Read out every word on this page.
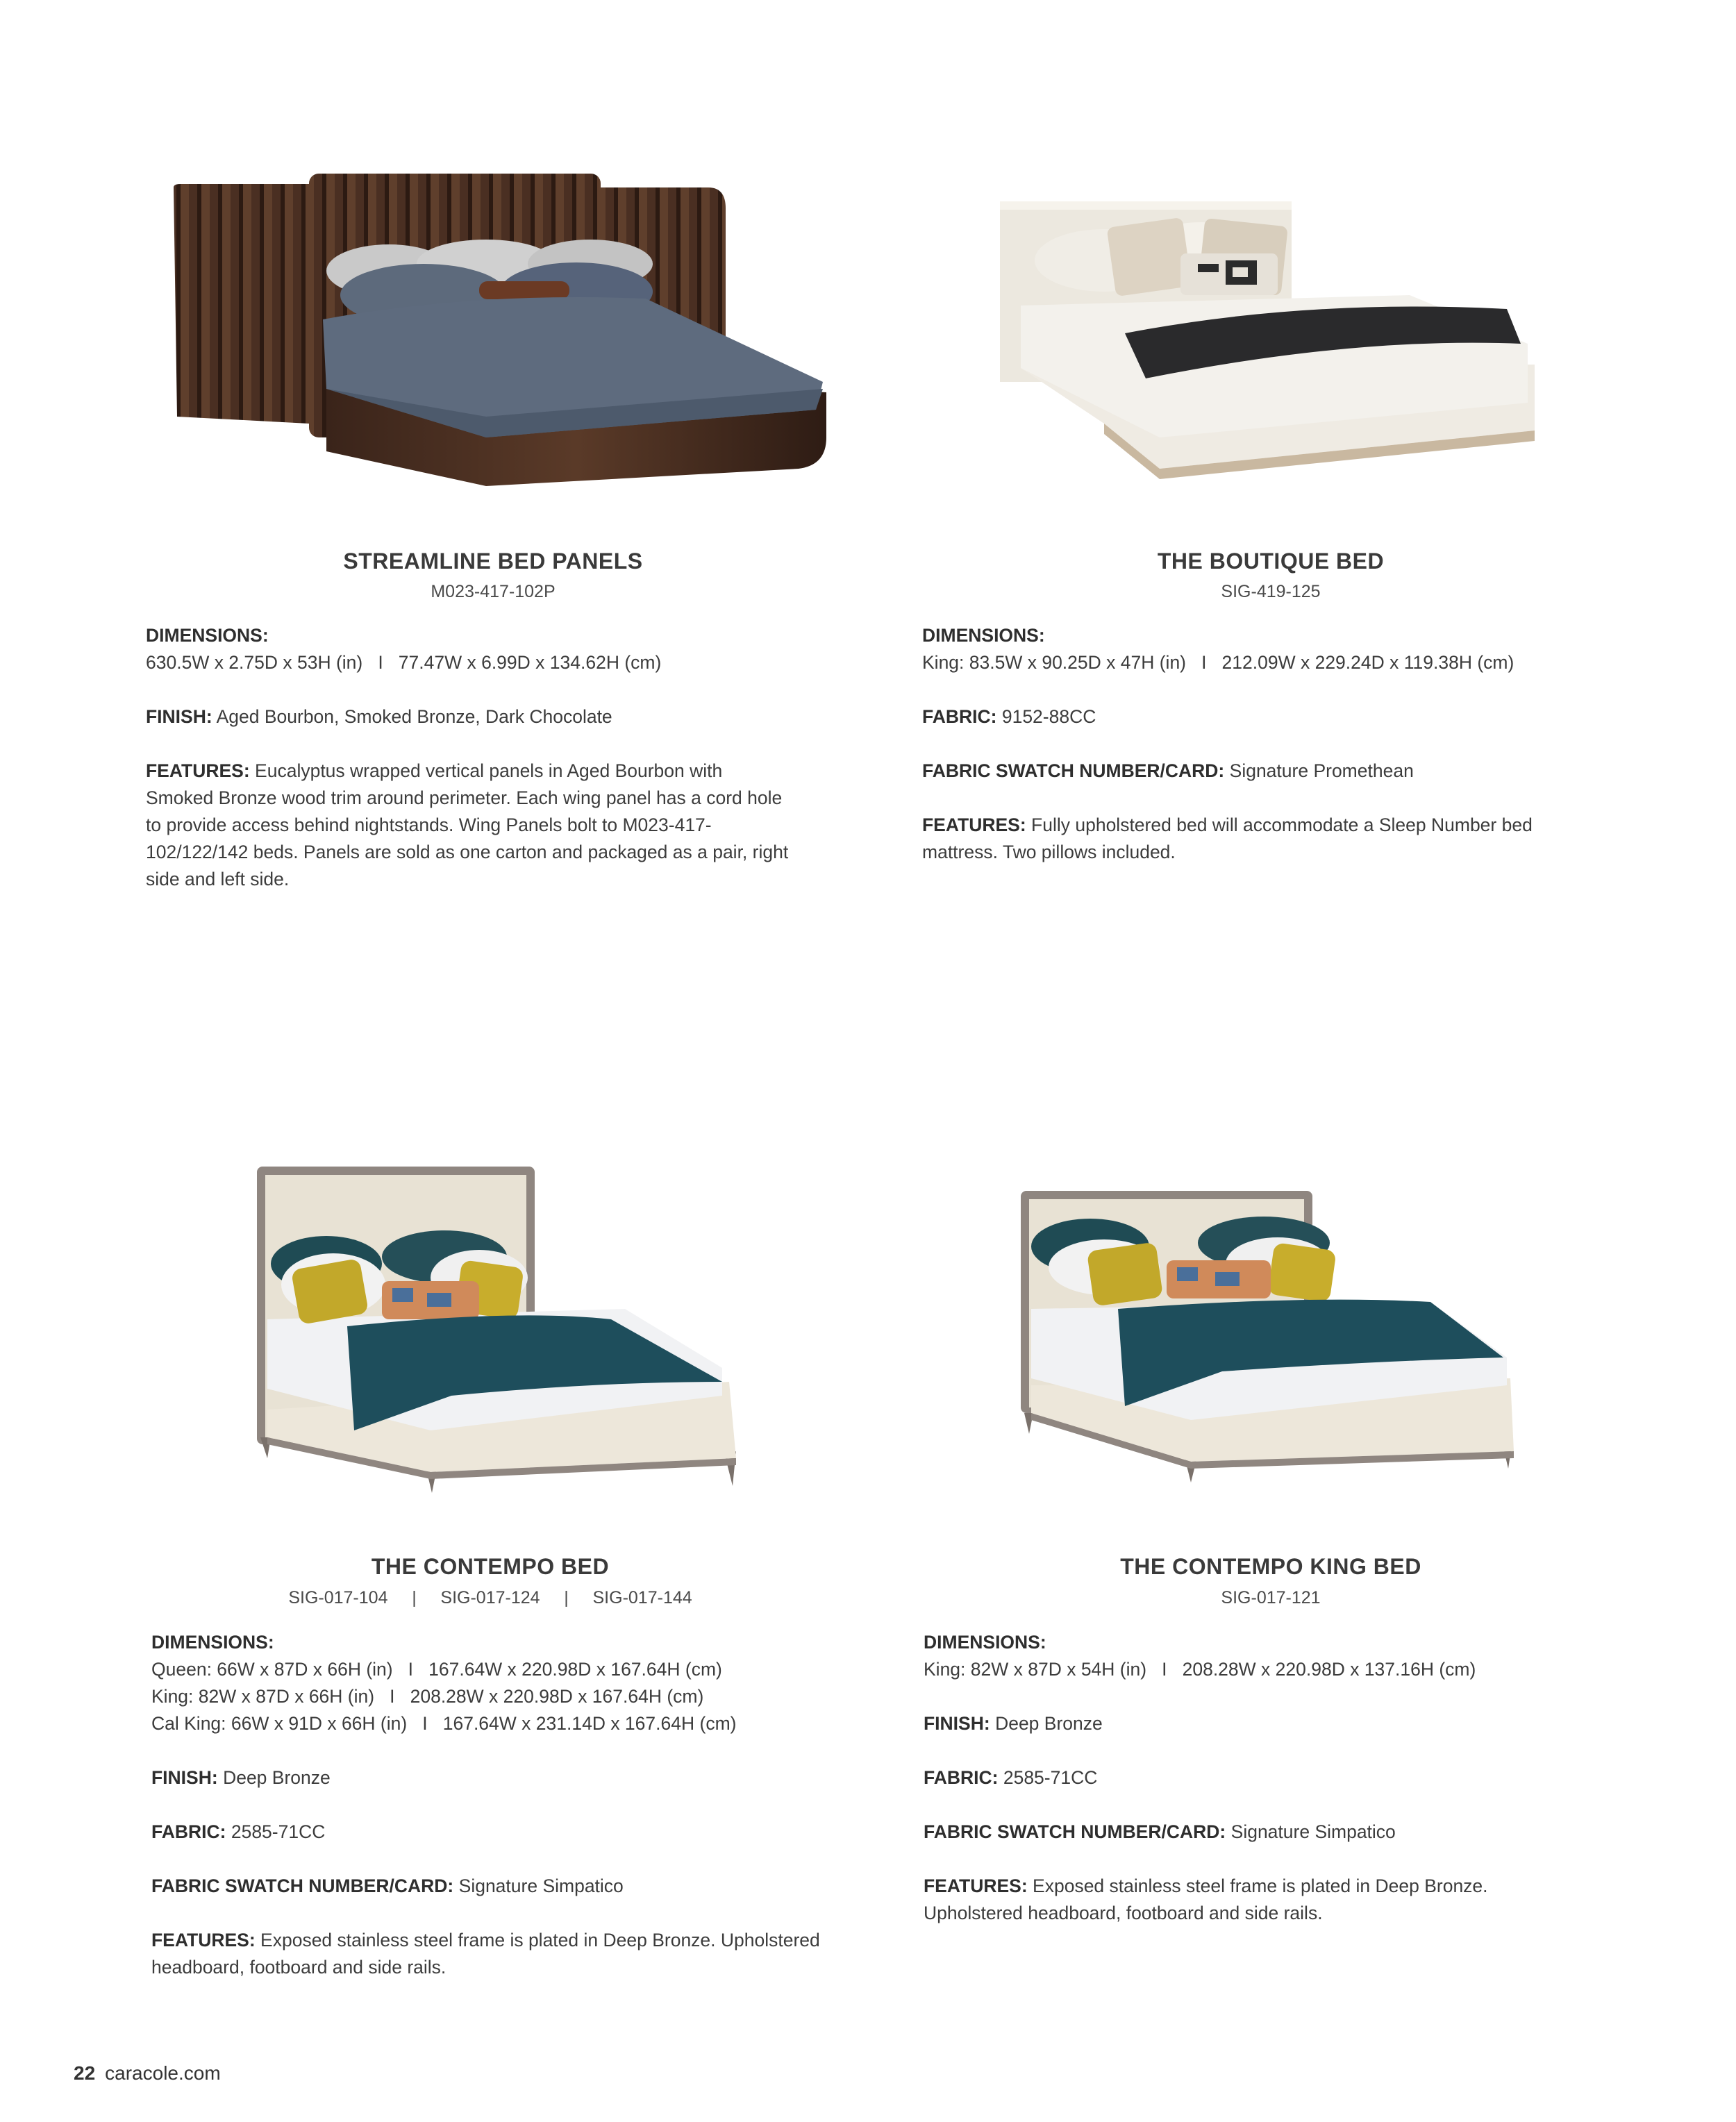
STREAMLINE BED PANELS
M023-417-102P

DIMENSIONS:
630.5W x 2.75D x 53H (in)   I   77.47W x 6.99D x 134.62H (cm)

FINISH: Aged Bourbon, Smoked Bronze, Dark Chocolate

FEATURES: Eucalyptus wrapped vertical panels in Aged Bourbon with Smoked Bronze wood trim around perimeter. Each wing panel has a cord hole to provide access behind nightstands. Wing Panels bolt to M023-417-102/122/142 beds. Panels are sold as one carton and packaged as a pair, right side and left side.

THE BOUTIQUE BED
SIG-419-125

DIMENSIONS:
King: 83.5W x 90.25D x 47H (in)   I   212.09W x 229.24D x 119.38H (cm)

FABRIC: 9152-88CC

FABRIC SWATCH NUMBER/CARD: Signature Promethean

FEATURES: Fully upholstered bed will accommodate a Sleep Number bed mattress. Two pillows included.

THE CONTEMPO BED
SIG-017-104     |     SIG-017-124     |     SIG-017-144

DIMENSIONS:
Queen: 66W x 87D x 66H (in)   I   167.64W x 220.98D x 167.64H (cm)
King: 82W x 87D x 66H (in)   I   208.28W x 220.98D x 167.64H (cm)
Cal King: 66W x 91D x 66H (in)   I   167.64W x 231.14D x 167.64H (cm)

FINISH: Deep Bronze

FABRIC: 2585-71CC

FABRIC SWATCH NUMBER/CARD: Signature Simpatico

FEATURES: Exposed stainless steel frame is plated in Deep Bronze. Upholstered headboard, footboard and side rails.

THE CONTEMPO KING BED
SIG-017-121

DIMENSIONS:
King: 82W x 87D x 54H (in)   I   208.28W x 220.98D x 137.16H (cm)

FINISH: Deep Bronze

FABRIC: 2585-71CC

FABRIC SWATCH NUMBER/CARD: Signature Simpatico

FEATURES: Exposed stainless steel frame is plated in Deep Bronze. Upholstered headboard, footboard and side rails.

22 caracole.com
